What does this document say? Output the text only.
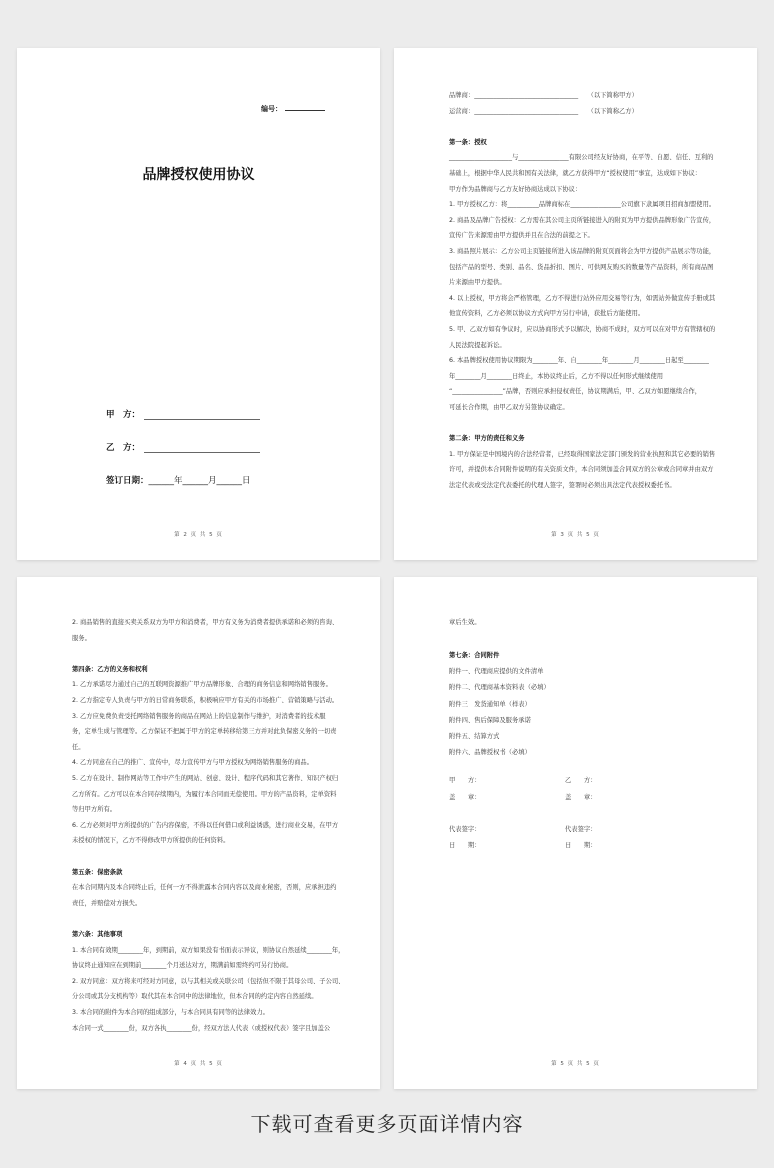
编号：
品牌授权使用协议
甲　方：
乙　方：
签订日期：______年______月______日
第 2 页 共 5 页
品牌商：_________________________________　　（以下简称甲方）
运营商：_________________________________　　（以下简称乙方）
第一条：授权
____________________与________________有限公司经友好协商，在平等、自愿、信任、互利的
基础上，根据中华人民共和国有关法律，就乙方获得甲方“授权使用”事宜，达成如下协议：
甲方作为品牌商与乙方友好协商达成以下协议：
1. 甲方授权乙方：将__________品牌商标在________________公司旗下隶属项目招商加盟使用。
2. 商品及品牌广告授权：乙方需在其公司主页所链接进入的附页为甲方提供品牌形象广告宣传，
宣传广告来源需由甲方提供并且在合法的前提之下。
3. 商品照片展示：乙方公司主页链接所进入该品牌的附页页面将会为甲方提供产品展示等功能，
包括产品的型号、类别、品名、货品折扣、图片、可供网友购买的数量等产品资料，所有商品图
片来源由甲方提供。
4. 以上授权，甲方将会严格管理，乙方不得进行站外应用交易等行为，如需站外做宣传手册或其
他宣传资料，乙方必须以协议方式向甲方另行申请，获批后方能使用。
5. 甲、乙双方如有争议时，应以协商形式予以解决，协商不成时，双方可以在对甲方有管辖权的
人民法院提起诉讼。
6. 本品牌授权使用协议期限为________年、自________年________月________日起至________
年________月________日终止，本协议终止后，乙方不得以任何形式继续使用
“________________”品牌，否则应承担侵权责任，协议期满后，甲、乙双方如愿继续合作，
可延长合作期，由甲乙双方另签协议确定。
第二条：甲方的责任和义务
1. 甲方保证是中国境内的合法经营者，已经取得国家法定部门颁发的营业执照和其它必要的销售
许可，并提供本合同附件说明的有关资质文件，本合同须加盖合同双方的公章或合同章并由双方
法定代表或受法定代表委托的代理人签字，签署时必须出具法定代表授权委托书。
第 3 页 共 5 页
2. 商品销售的直接买卖关系双方为甲方和消费者，甲方有义务为消费者提供承诺和必须的咨询、
服务。
第四条：乙方的义务和权利
1. 乙方承诺尽力通过自己的互联网资源推广甲方品牌形象、合理的商务信息和网络销售服务。
2. 乙方指定专人负责与甲方的日常商务联系，积极响应甲方有关的市场推广、营销策略与活动。
3. 乙方应免费负责受托网络销售服务的商品在网站上的信息制作与维护，对消费者的技术服
务，定单生成与管理等。乙方保证不把属于甲方的定单转移给第三方并对此负保密义务的一切责
任。
4. 乙方同意在自己的推广、宣传中，尽力宣传甲方与甲方授权为网络销售服务的商品。
5. 乙方在设计、制作网站等工作中产生的网站、创意、设计、程序代码和其它著作、知识产权归
乙方所有。乙方可以在本合同存续期内，为履行本合同而无偿使用。甲方的产品资料，定单资料
等归甲方所有。
6. 乙方必须对甲方所提供的广告内容保密，不得以任何借口或利益诱惑，进行商业交易，在甲方
未授权的情况下，乙方不得修改甲方所提供的任何资料。
第五条：保密条款
在本合同期内及本合同终止后，任何一方不得泄露本合同内容以及商业秘密，否则，应承担违约
责任，并赔偿对方损失。
第六条：其他事项
1. 本合同有效期________年，到期前，双方如果没有书面表示异议，则协议自然延续________年，
协议终止通知应在到期前________个月送达对方，期满前如需终约可另行协商。
2. 双方同意：双方将来可经对方同意，以与其相关或关联公司（包括但不限于其母公司、子公司、
分公司或其分支机构等）取代其在本合同中的法律地位，但本合同的约定内容自然延续。
3. 本合同的附件为本合同的组成部分，与本合同具有同等的法律效力。
本合同一式________份，双方各执________份，经双方法人代表（或授权代表）签字且加盖公
第 4 页 共 5 页
章后生效。
第七条：合同附件
附件一、代理商应提供的文件清单
附件二、代理商基本资料表（必填）
附件三　发货通知单（样表）
附件四、售后保障及服务承诺
附件五、结算方式
附件六、品牌授权书（必填）
甲　　方：	乙　　方：
盖　　章：	盖　　章：
代表签字：	代表签字：
日　　期：	日　　期：
第 5 页 共 5 页
下载可查看更多页面详情内容
